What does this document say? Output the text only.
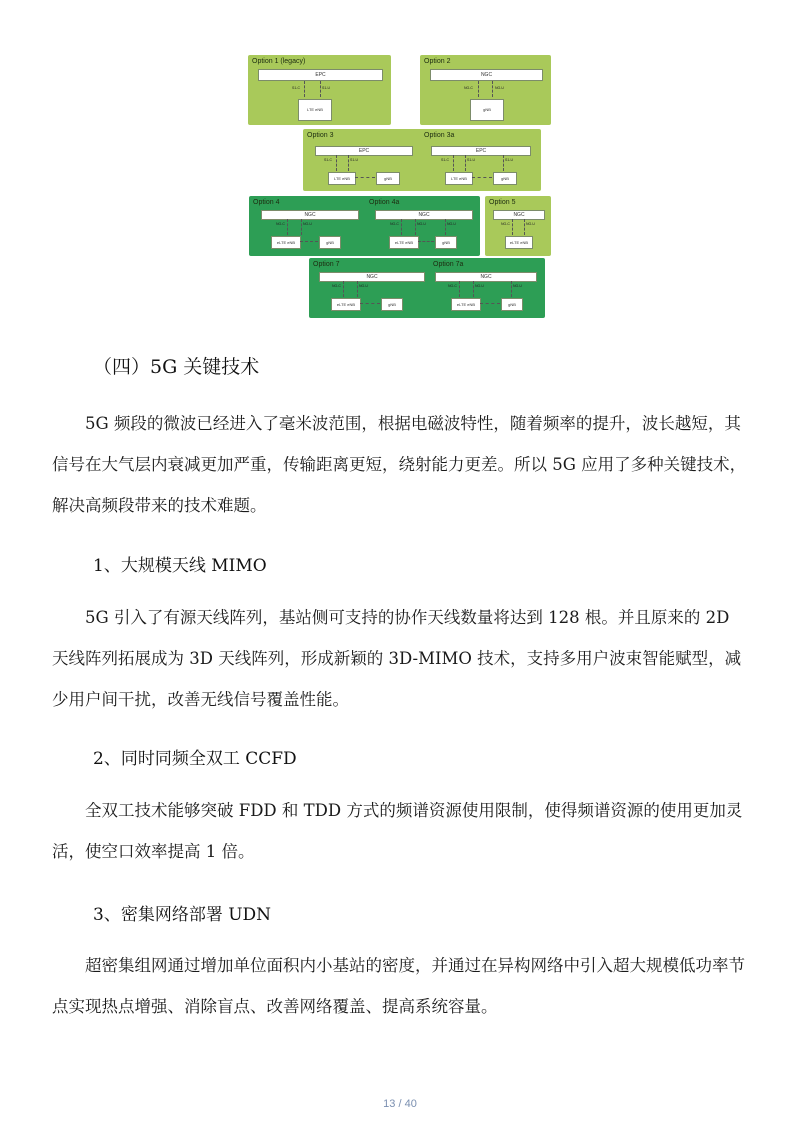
Option 1 (legacy)
EPC
S1-C	S1-U
LTE eNB
Option 2
NGC
NG-C	NG-U
gNB
Option 3
EPC
S1-C	S1-U
LTE eNB	gNB
Option 3a
EPC
S1-C	S1-U	S1-U
LTE eNB	gNB
Option 4
NGC
NG-C	NG-U
eLTE eNB	gNB
Option 4a
NGC
NG-C	NG-U	NG-U
eLTE eNB	gNB
Option 5
NGC
NG-C	NG-U
eLTE eNB
Option 7
NGC
NG-C	NG-U
eLTE eNB	gNB
Option 7a
NGC
NG-C	NG-U	NG-U
eLTE eNB	gNB
（四）5G 关键技术

5G 频段的微波已经进入了毫米波范围，根据电磁波特性，随着频率的提升，波长越短，其信号在大气层内衰减更加严重，传输距离更短，绕射能力更差。所以 5G 应用了多种关键技术，解决高频段带来的技术难题。

1、大规模天线 MIMO

5G 引入了有源天线阵列，基站侧可支持的协作天线数量将达到 128 根。并且原来的 2D 天线阵列拓展成为 3D 天线阵列，形成新颖的 3D-MIMO 技术，支持多用户波束智能赋型，减少用户间干扰，改善无线信号覆盖性能。

2、同时同频全双工 CCFD

全双工技术能够突破 FDD 和 TDD 方式的频谱资源使用限制，使得频谱资源的使用更加灵活，使空口效率提高 1 倍。

3、密集网络部署 UDN

超密集组网通过增加单位面积内小基站的密度，并通过在异构网络中引入超大规模低功率节点实现热点增强、消除盲点、改善网络覆盖、提高系统容量。

13 / 40
